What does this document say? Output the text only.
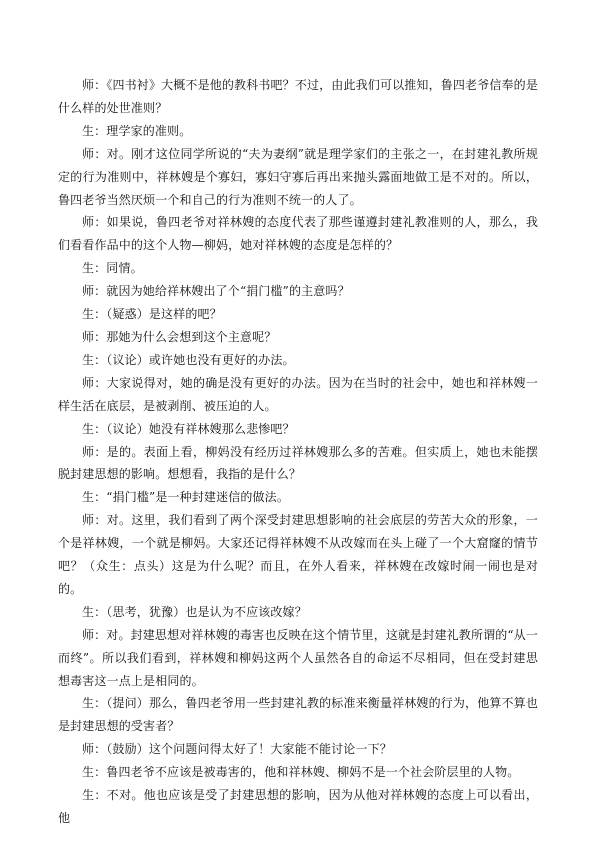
师：《四书衬》大概不是他的教科书吧？不过，由此我们可以推知，鲁四老爷信奉的是什么样的处世准则？

生：理学家的准则。

师：对。刚才这位同学所说的“夫为妻纲”就是理学家们的主张之一，在封建礼教所规定的行为准则中，祥林嫂是个寡妇，寡妇守寡后再出来抛头露面地做工是不对的。所以，鲁四老爷当然厌烦一个和自己的行为准则不统一的人了。

师：如果说，鲁四老爷对祥林嫂的态度代表了那些谨遵封建礼教准则的人，那么，我们看看作品中的这个人物—柳妈，她对祥林嫂的态度是怎样的？

生：同情。

师：就因为她给祥林嫂出了个“捐门槛”的主意吗？

生：（疑惑）是这样的吧？

师：那她为什么会想到这个主意呢？

生：（议论）或许她也没有更好的办法。

师：大家说得对，她的确是没有更好的办法。因为在当时的社会中，她也和祥林嫂一样生活在底层，是被剥削、被压迫的人。

生：（议论）她没有祥林嫂那么悲惨吧？

师：是的。表面上看，柳妈没有经历过祥林嫂那么多的苦难。但实质上，她也未能摆脱封建思想的影响。想想看，我指的是什么？

生：“捐门槛”是一种封建迷信的做法。

师：对。这里，我们看到了两个深受封建思想影响的社会底层的劳苦大众的形象，一个是祥林嫂，一个就是柳妈。大家还记得祥林嫂不从改嫁而在头上碰了一个大窟窿的情节吧？（众生：点头）这是为什么呢？而且，在外人看来，祥林嫂在改嫁时闹一闹也是对的。

生：（思考，犹豫）也是认为不应该改嫁？

师：对。封建思想对祥林嫂的毒害也反映在这个情节里，这就是封建礼教所谓的“从一而终”。所以我们看到，祥林嫂和柳妈这两个人虽然各自的命运不尽相同，但在受封建思想毒害这一点上是相同的。

生：（提问）那么，鲁四老爷用一些封建礼教的标准来衡量祥林嫂的行为，他算不算也是封建思想的受害者？

师：（鼓励）这个问题问得太好了！大家能不能讨论一下？

生：鲁四老爷不应该是被毒害的，他和祥林嫂、柳妈不是一个社会阶层里的人物。

生：不对。他也应该是受了封建思想的影响，因为从他对祥林嫂的态度上可以看出，他
